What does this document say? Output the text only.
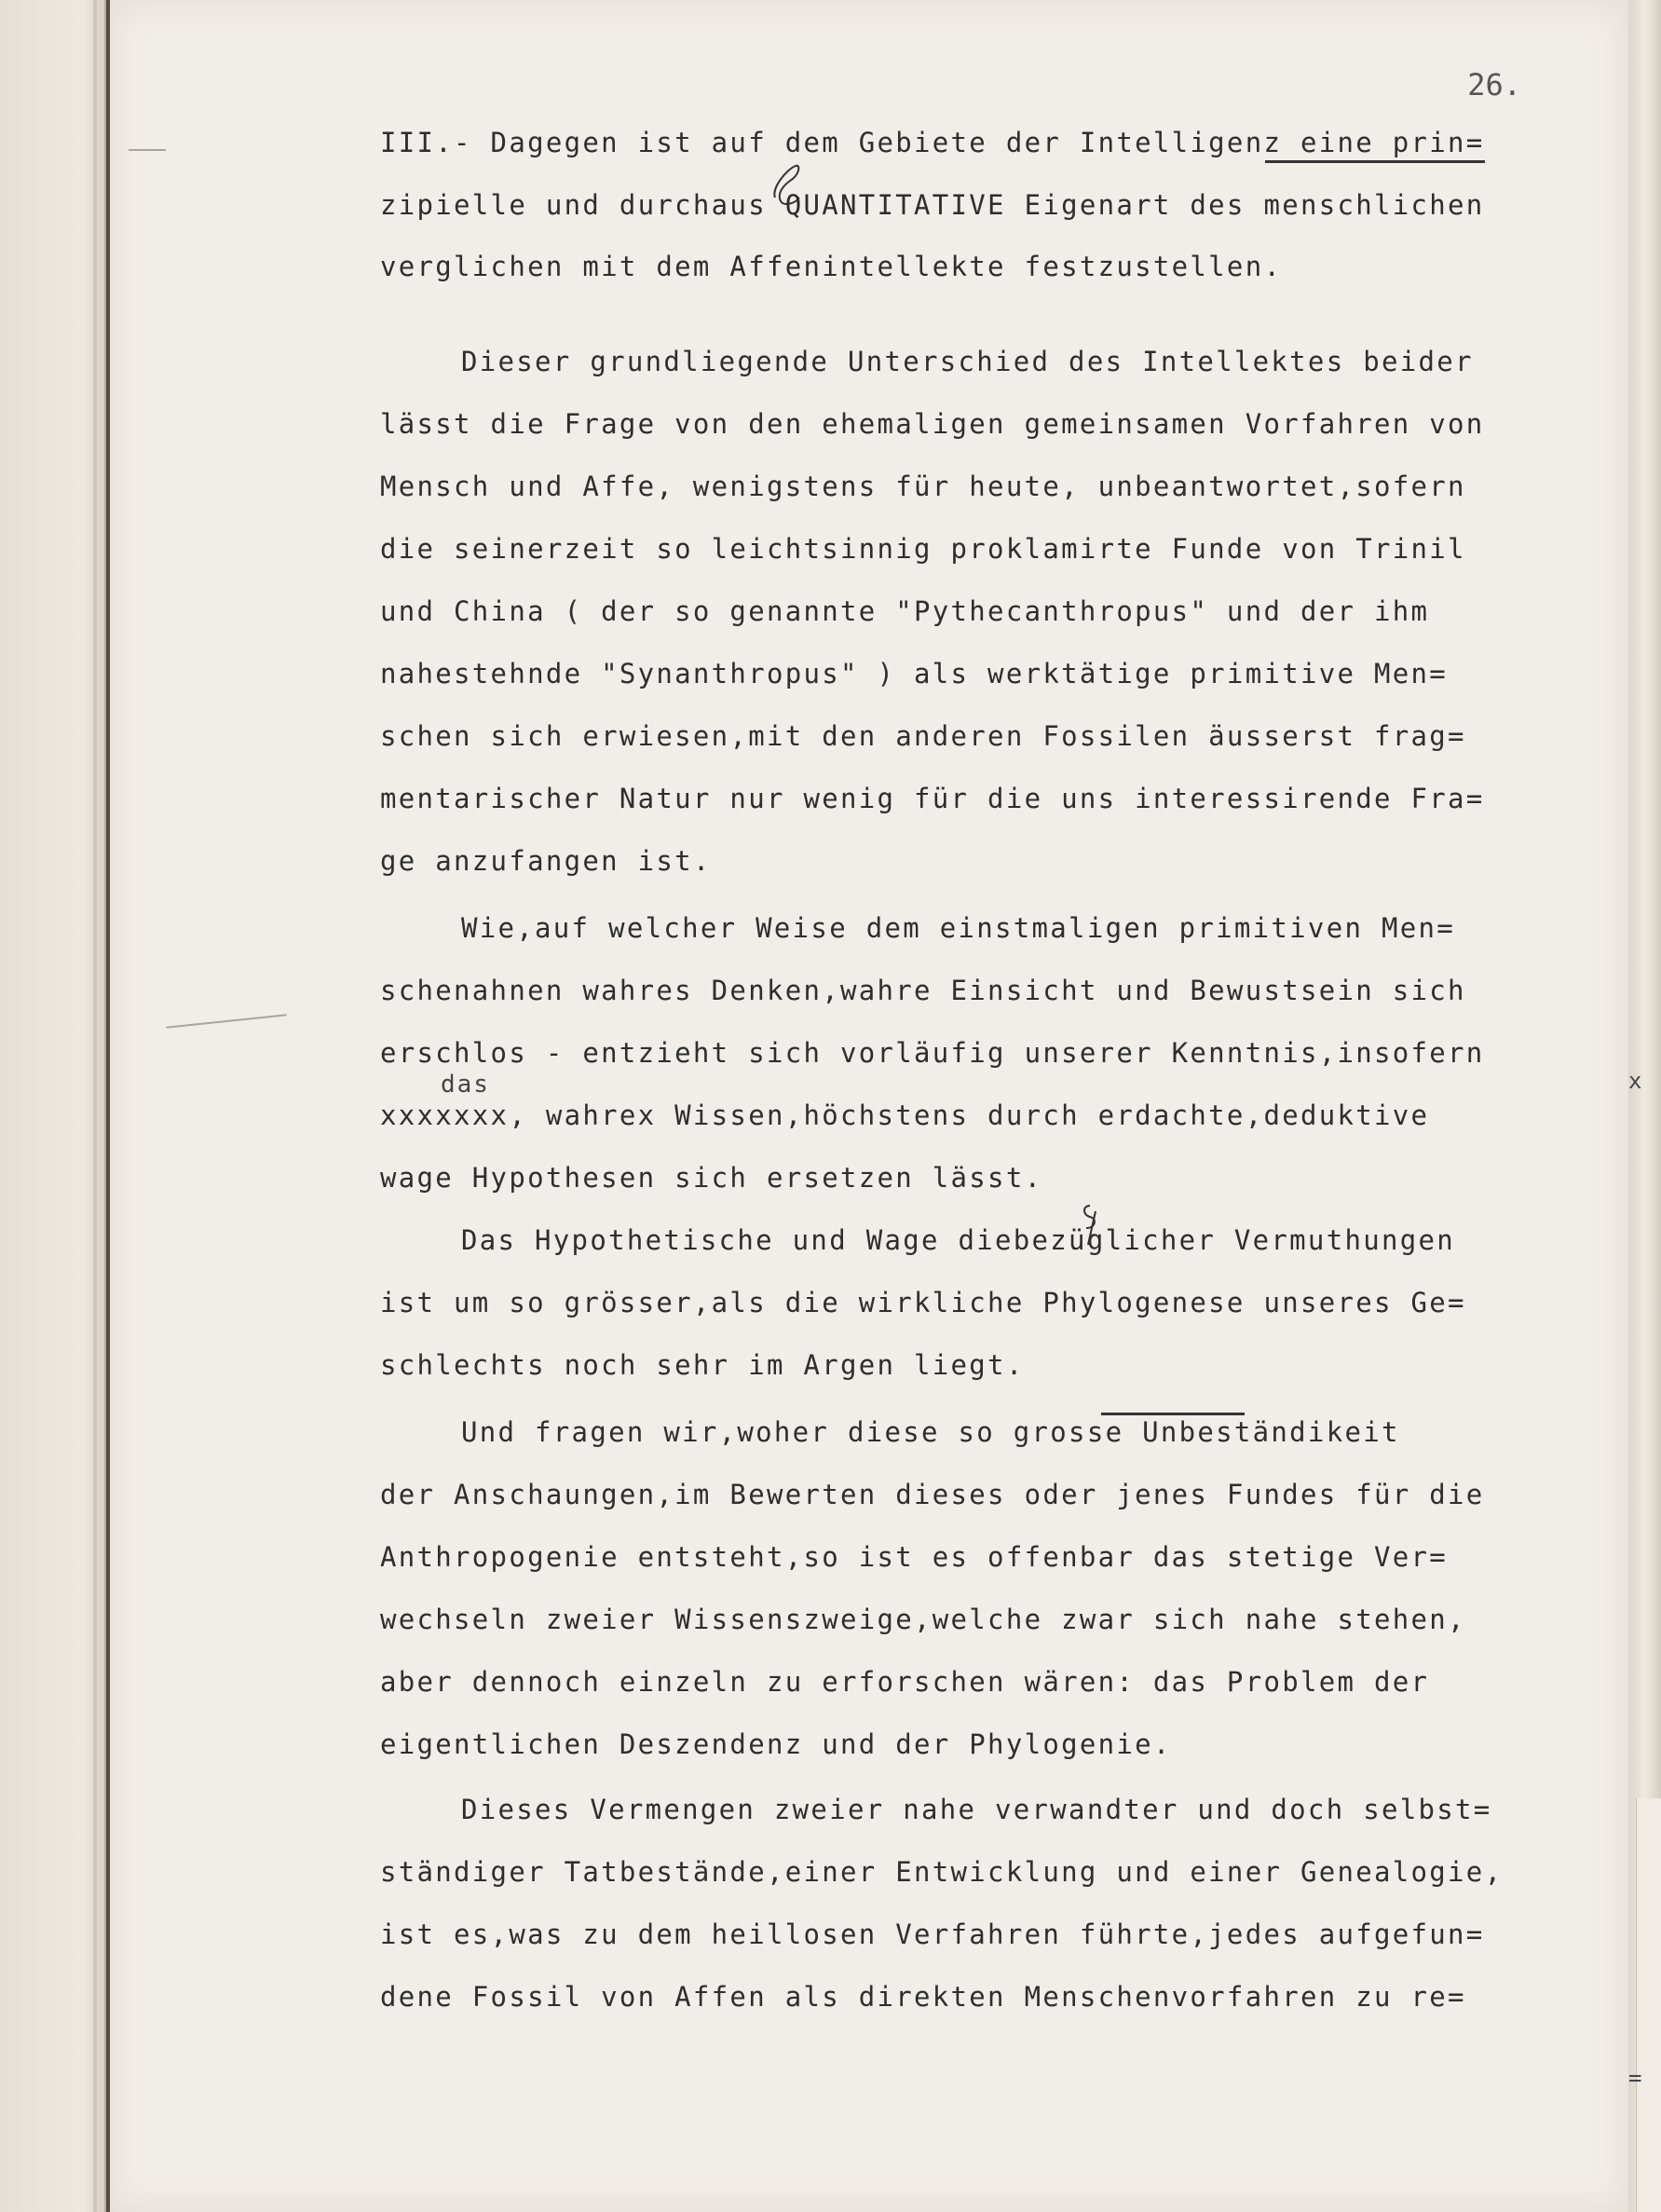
26.
das
III.- Dagegen ist auf dem Gebiete der Intelligenz eine prin=
zipielle und durchaus QUANTITATIVE Eigenart des menschlichen
verglichen mit dem Affenintellekte festzustellen.
Dieser grundliegende Unterschied des Intellektes beider
lässt die Frage von den ehemaligen gemeinsamen Vorfahren von
Mensch und Affe, wenigstens für heute, unbeantwortet,sofern
die seinerzeit so leichtsinnig proklamirte Funde von Trinil
und China ( der so genannte "Pythecanthropus" und der ihm
nahestehnde "Synanthropus" ) als werktätige primitive Men=
schen sich erwiesen,mit den anderen Fossilen äusserst frag=
mentarischer Natur nur wenig für die uns interessirende Fra=
ge anzufangen ist.
Wie,auf welcher Weise dem einstmaligen primitiven Men=
schenahnen wahres Denken,wahre Einsicht und Bewustsein sich
erschlos - entzieht sich vorläufig unserer Kenntnis,insofern
xxxxxxx, wahrex Wissen,höchstens durch erdachte,deduktive
wage Hypothesen sich ersetzen lässt.
Das Hypothetische und Wage diebezüglicher Vermuthungen
ist um so grösser,als die wirkliche Phylogenese unseres Ge=
schlechts noch sehr im Argen liegt.
Und fragen wir,woher diese so grosse Unbeständikeit
der Anschaungen,im Bewerten dieses oder jenes Fundes für die
Anthropogenie entsteht,so ist es offenbar das stetige Ver=
wechseln zweier Wissenszweige,welche zwar sich nahe stehen,
aber dennoch einzeln zu erforschen wären: das Problem der
eigentlichen Deszendenz und der Phylogenie.
Dieses Vermengen zweier nahe verwandter und doch selbst=
ständiger Tatbestände,einer Entwicklung und einer Genealogie,
ist es,was zu dem heillosen Verfahren führte,jedes aufgefun=
dene Fossil von Affen als direkten Menschenvorfahren zu re=
x
=
